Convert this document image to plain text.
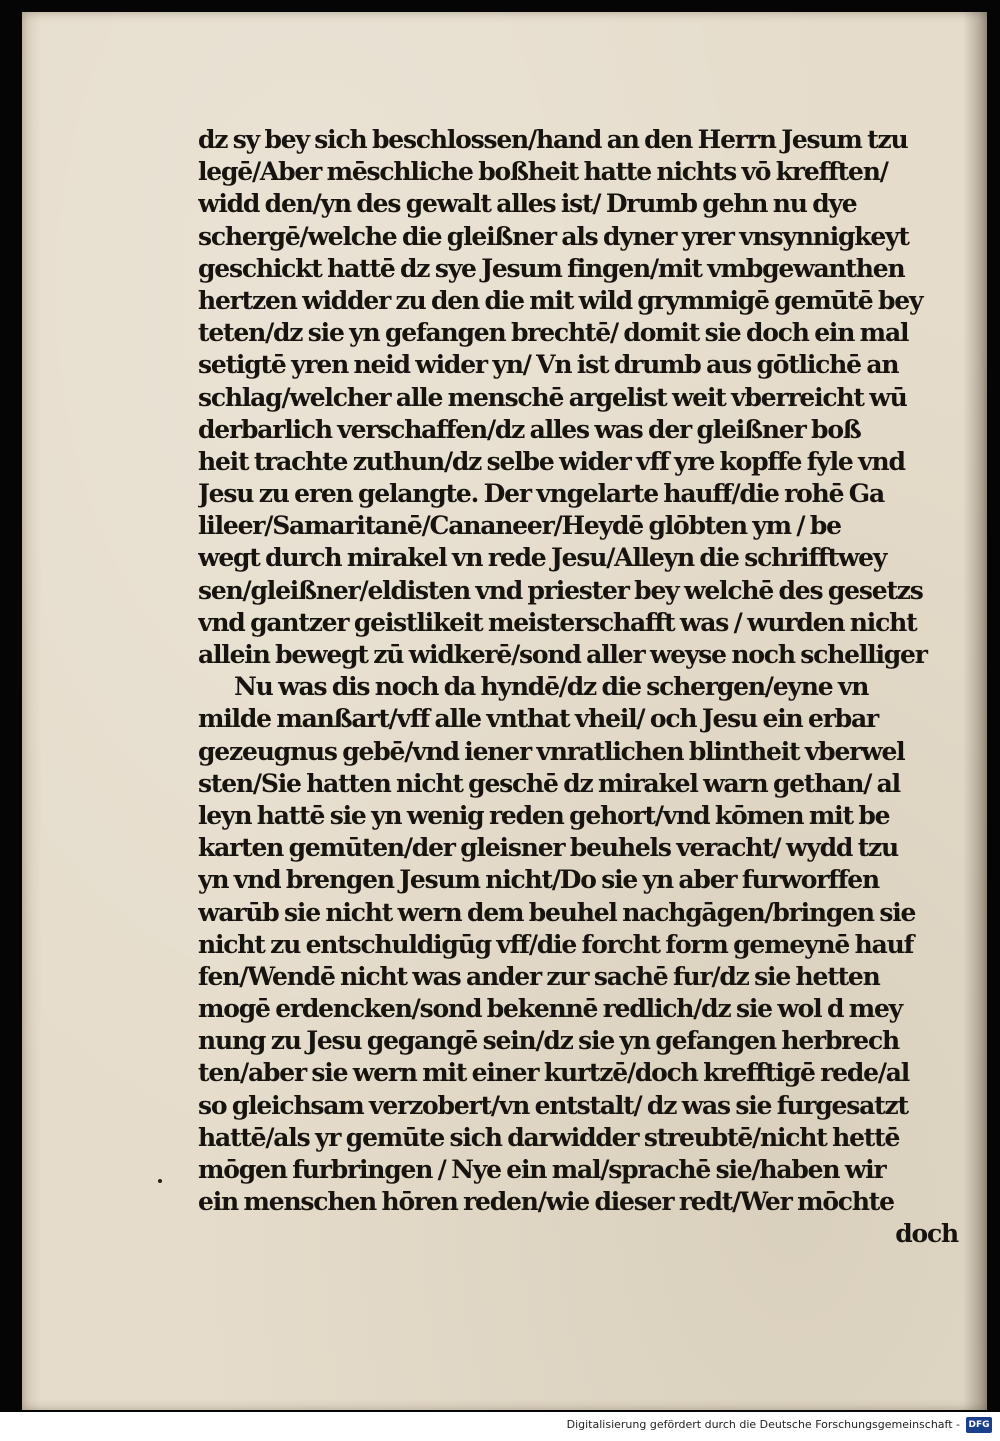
dz sy bey sich beschlossen/hand an den Herrn Jesum tzu
legē/Aber mēschliche boßheit hatte nichts vō krefften/
widd den/yn des gewalt alles ist/ Drumb gehn nu dye
schergē/welche die gleißner als dyner yrer vnsynnigkeyt
geschickt hattē dz sye Jesum fingen/mit vmbgewanthen
hertzen widder zu den die mit wild grymmigē gemūtē bey
teten/dz sie yn gefangen brechtē/ domit sie doch ein mal
setigtē yren neid wider yn/ Vn ist drumb aus gōtlichē an
schlag/welcher alle menschē argelist weit vberreicht wū
derbarlich verschaffen/dz alles was der gleißner boß
heit trachte zuthun/dz selbe wider vff yre kopffe fyle vnd
Jesu zu eren gelangte. Der vngelarte hauff/die rohē Ga
lileer/Samaritanē/Cananeer/Heydē glōbten ym / be
wegt durch mirakel vn rede Jesu/Alleyn die schrifftwey
sen/gleißner/eldisten vnd priester bey welchē des gesetzs
vnd gantzer geistlikeit meisterschafft was / wurden nicht
allein bewegt zū widkerē/sond aller weyse noch schelliger
Nu was dis noch da hyndē/dz die schergen/eyne vn
milde manßart/vff alle vnthat vheil/ och Jesu ein erbar
gezeugnus gebē/vnd iener vnratlichen blintheit vberwel
sten/Sie hatten nicht geschē dz mirakel warn gethan/ al
leyn hattē sie yn wenig reden gehort/vnd kōmen mit be
karten gemūten/der gleisner beuhels veracht/ wydd tzu
yn vnd brengen Jesum nicht/Do sie yn aber furworffen
warūb sie nicht wern dem beuhel nachgāgen/bringen sie
nicht zu entschuldigūg vff/die forcht form gemeynē hauf
fen/Wendē nicht was ander zur sachē fur/dz sie hetten
mogē erdencken/sond bekennē redlich/dz sie wol d mey
nung zu Jesu gegangē sein/dz sie yn gefangen herbrech
ten/aber sie wern mit einer kurtzē/doch krefftigē rede/al
so gleichsam verzobert/vn entstalt/ dz was sie furgesatzt
hattē/als yr gemūte sich darwidder streubtē/nicht hettē
mōgen furbringen / Nye ein mal/sprachē sie/haben wir
ein menschen hōren reden/wie dieser redt/Wer mōchte
doch
Digitalisierung gefördert durch die Deutsche Forschungsgemeinschaft - DFG
